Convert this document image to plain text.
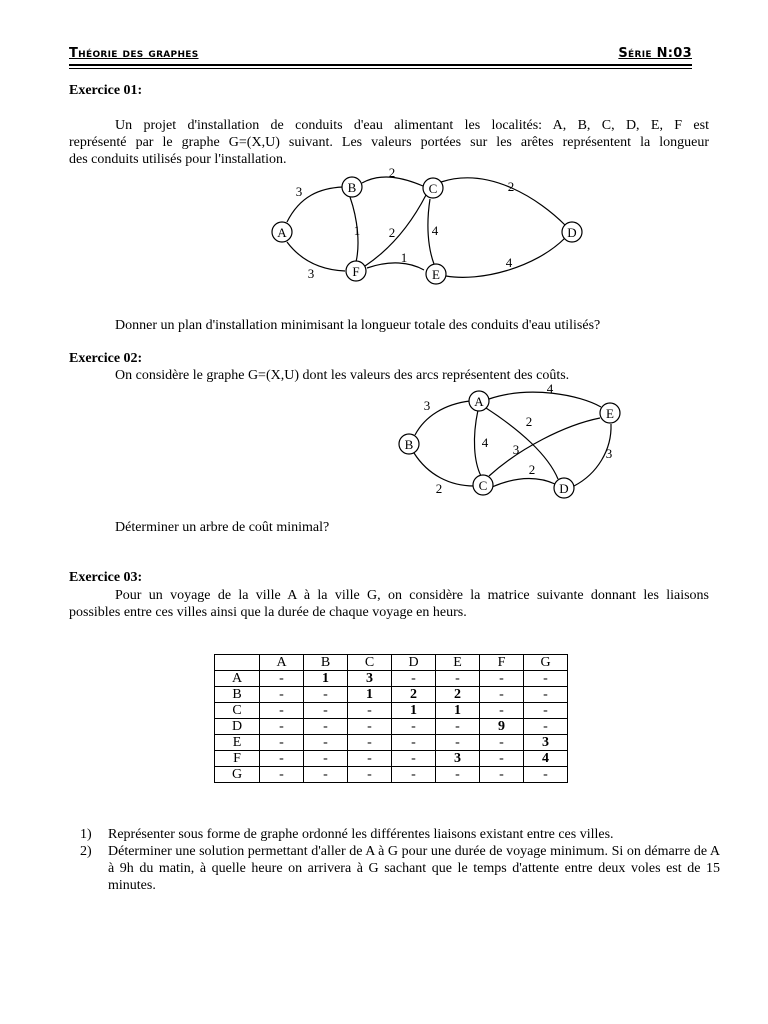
Théorie des graphes	Série N:03
Exercice 01:
Un projet d'installation de conduits d'eau alimentant les localités: A, B, C, D, E, F est
représenté par le graphe G=(X,U) suivant. Les valeurs portées sur les arêtes représentent la longueur
des conduits utilisés pour l'installation.
A
B	C
D
E
F
3
2
2
1 2	4
3
1	4
Donner un plan d'installation minimisant la longueur totale des conduits d'eau utilisés?
Exercice 02:
On considère le graphe G=(X,U) dont les valeurs des arcs représentent des coûts.
A
B
C	D
E
3
4
2
4 3
2
2
3
Déterminer un arbre de coût minimal?
Exercice 03:
Pour un voyage de la ville A à la ville G, on considère la matrice suivante donnant les liaisons
possibles entre ces villes ainsi que la durée de chaque voyage en heurs.
	A	B	C	D	E	F	G
A	-	1	3	-	-	-	-
B	-	-	1	2	2	-	-
C	-	-	-	1	1	-	-
D	-	-	-	-	-	9	-
E	-	-	-	-	-	-	3
F	-	-	-	-	3	-	4
G	-	-	-	-	-	-	-
1) Représenter sous forme de graphe ordonné les différentes liaisons existant entre ces villes.
2) Déterminer une solution permettant d'aller de A à G pour une durée de voyage minimum. Si on démarre de A à 9h du matin, à quelle heure on arrivera à G sachant que le temps d'attente entre deux voles est de 15 minutes.
